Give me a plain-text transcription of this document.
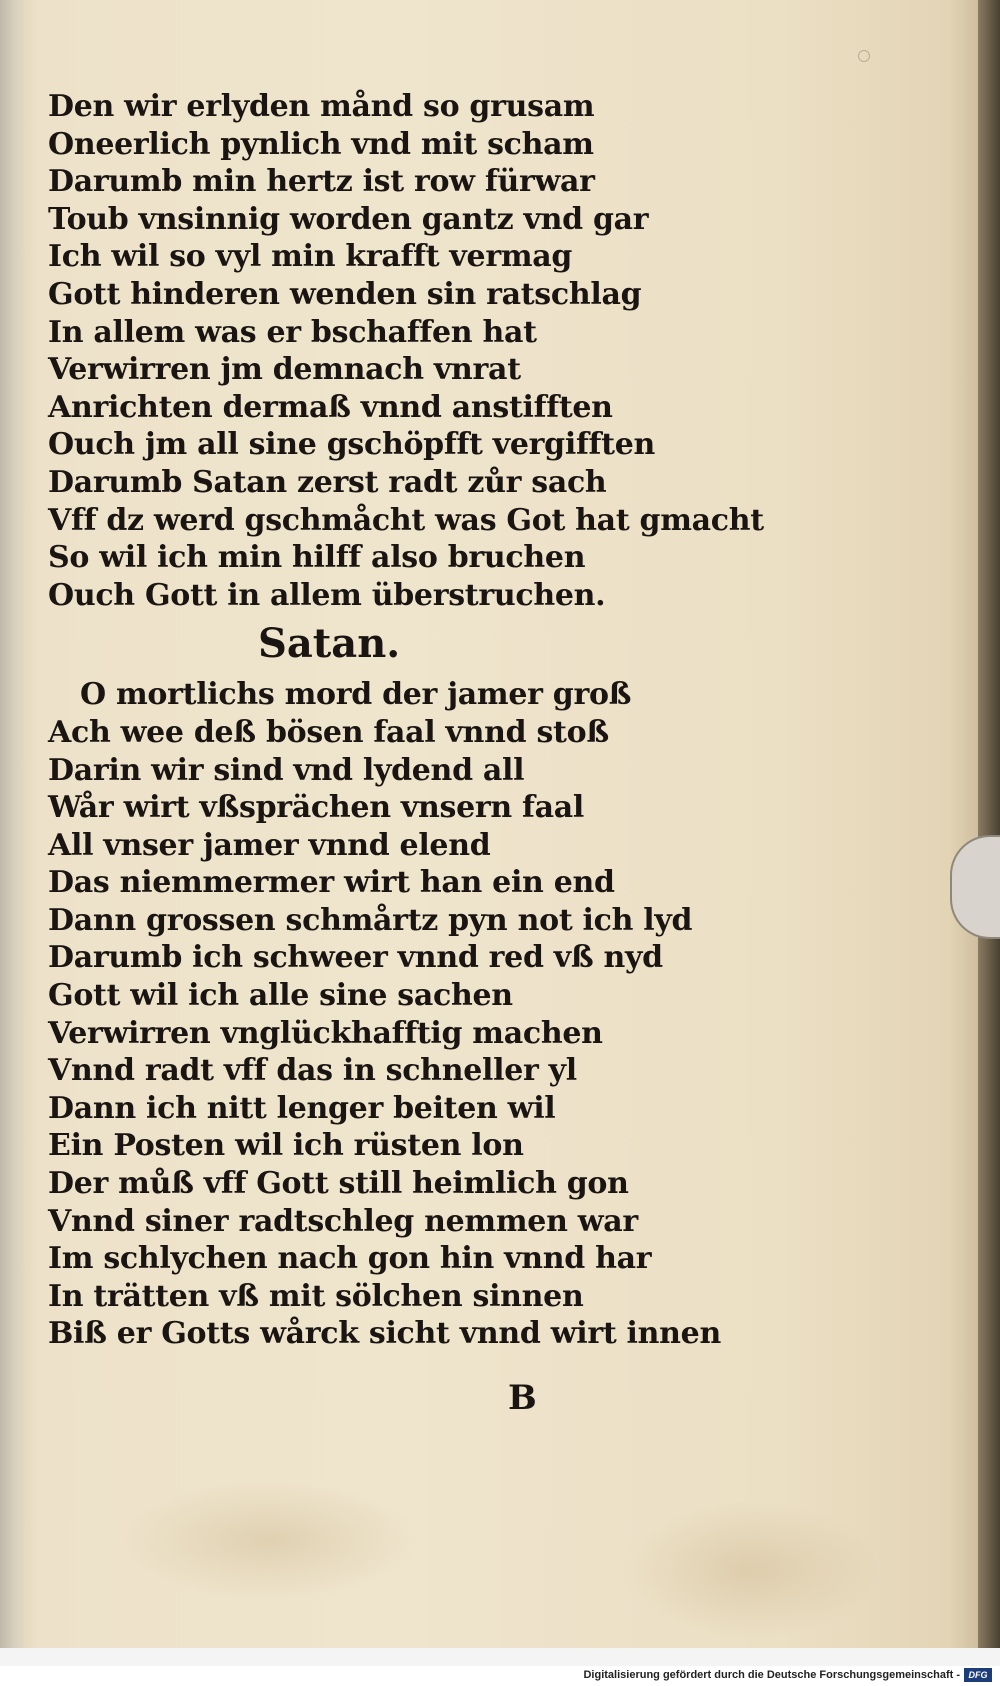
Den wir erlyden månd so grusam
Oneerlich pynlich vnd mit scham
Darumb min hertz ist row fürwar
Toub vnsinnig worden gantz vnd gar
Ich wil so vyl min krafft vermag
Gott hinderen wenden sin ratschlag
In allem was er bschaffen hat
Verwirren jm demnach vnrat
Anrichten dermaß vnnd anstifften
Ouch jm all sine gschöpfft vergifften
Darumb Satan zerst radt zůr sach
Vff dz werd gschmåcht was Got hat gmacht
So wil ich min hilff also bruchen
Ouch Gott in allem überstruchen.
Satan.
O mortlichs mord der jamer groß
Ach wee deß bösen faal vnnd stoß
Darin wir sind vnd lydend all
Wår wirt vßsprächen vnsern faal
All vnser jamer vnnd elend
Das niemmermer wirt han ein end
Dann grossen schmårtz pyn not ich lyd
Darumb ich schweer vnnd red vß nyd
Gott wil ich alle sine sachen
Verwirren vnglückhafftig machen
Vnnd radt vff das in schneller yl
Dann ich nitt lenger beiten wil
Ein Posten wil ich rüsten lon
Der můß vff Gott still heimlich gon
Vnnd siner radtschleg nemmen war
Im schlychen nach gon hin vnnd har
In trätten vß mit sölchen sinnen
Biß er Gotts wårck sicht vnnd wirt innen
B
Digitalisierung gefördert durch die Deutsche Forschungsgemeinschaft - DFG
